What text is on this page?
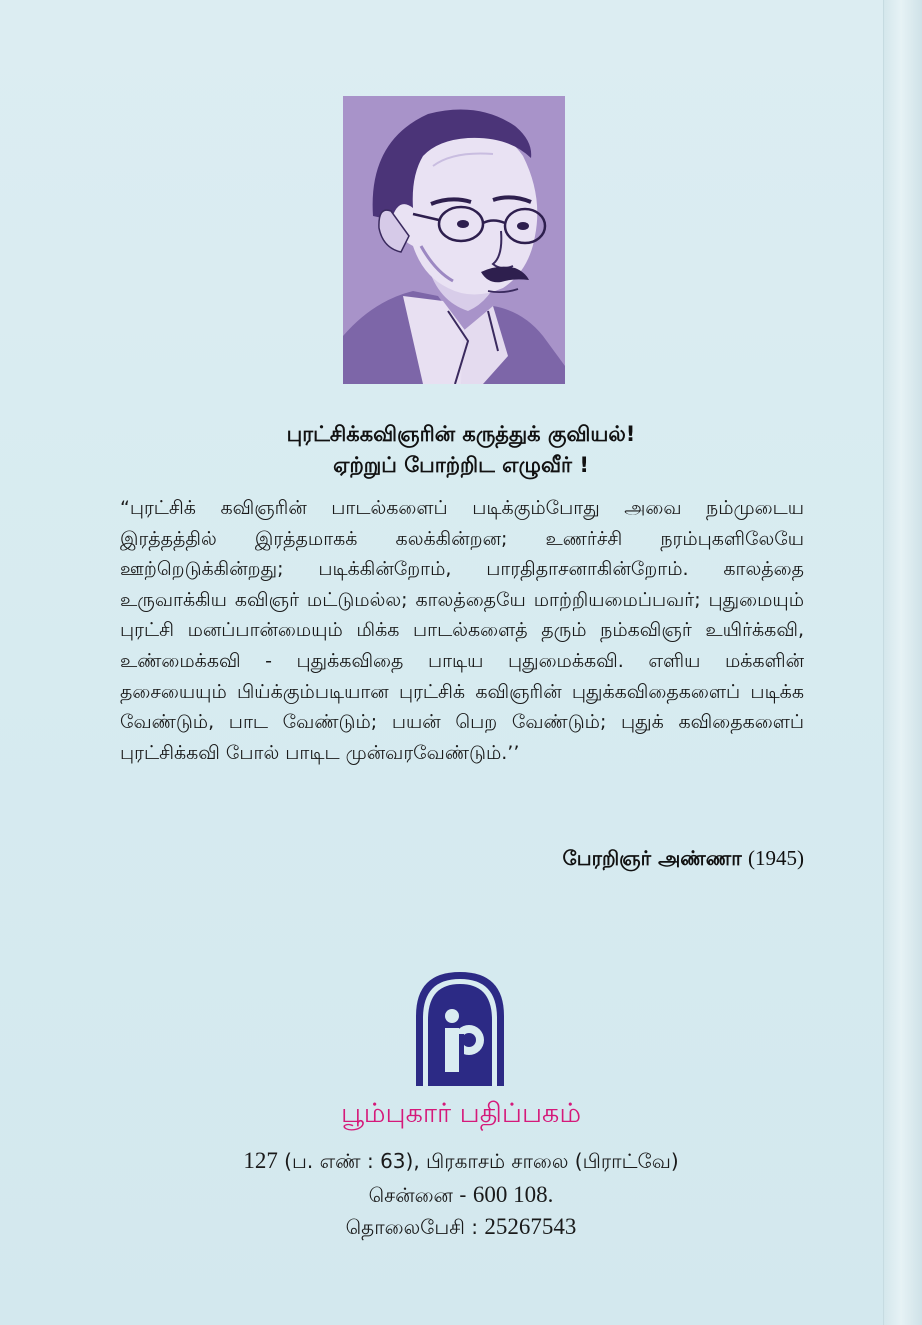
புரட்சிக்கவிஞரின் கருத்துக் குவியல்!
ஏற்றுப் போற்றிட எழுவீர் !
“புரட்சிக் கவிஞரின் பாடல்களைப் படிக்கும்போது அவை நம்முடைய இரத்தத்தில் இரத்தமாகக் கலக்கின்றன; உணர்ச்சி நரம்புகளிலேயே ஊற்றெடுக்கின்றது; படிக்கின்றோம், பாரதிதாசனாகின்றோம். காலத்தை உருவாக்கிய கவிஞர் மட்டுமல்ல; காலத்தையே மாற்றியமைப்பவர்; புதுமையும் புரட்சி மனப்பான்மையும் மிக்க பாடல்களைத் தரும் நம்கவிஞர் உயிர்க்கவி, உண்மைக்கவி - புதுக்கவிதை பாடிய புதுமைக்கவி. எளிய மக்களின் தசையையும் பிய்க்கும்படியான புரட்சிக் கவிஞரின் புதுக்கவிதைகளைப் படிக்க வேண்டும், பாட வேண்டும்; பயன் பெற வேண்டும்; புதுக் கவிதைகளைப் புரட்சிக்கவி போல் பாடிட முன்வரவேண்டும்.’’
பேரறிஞர் அண்ணா (1945)
பூம்புகார் பதிப்பகம்
127 (ப. எண் : 63), பிரகாசம் சாலை (பிராட்வே)
சென்னை - 600 108.
தொலைபேசி : 25267543
